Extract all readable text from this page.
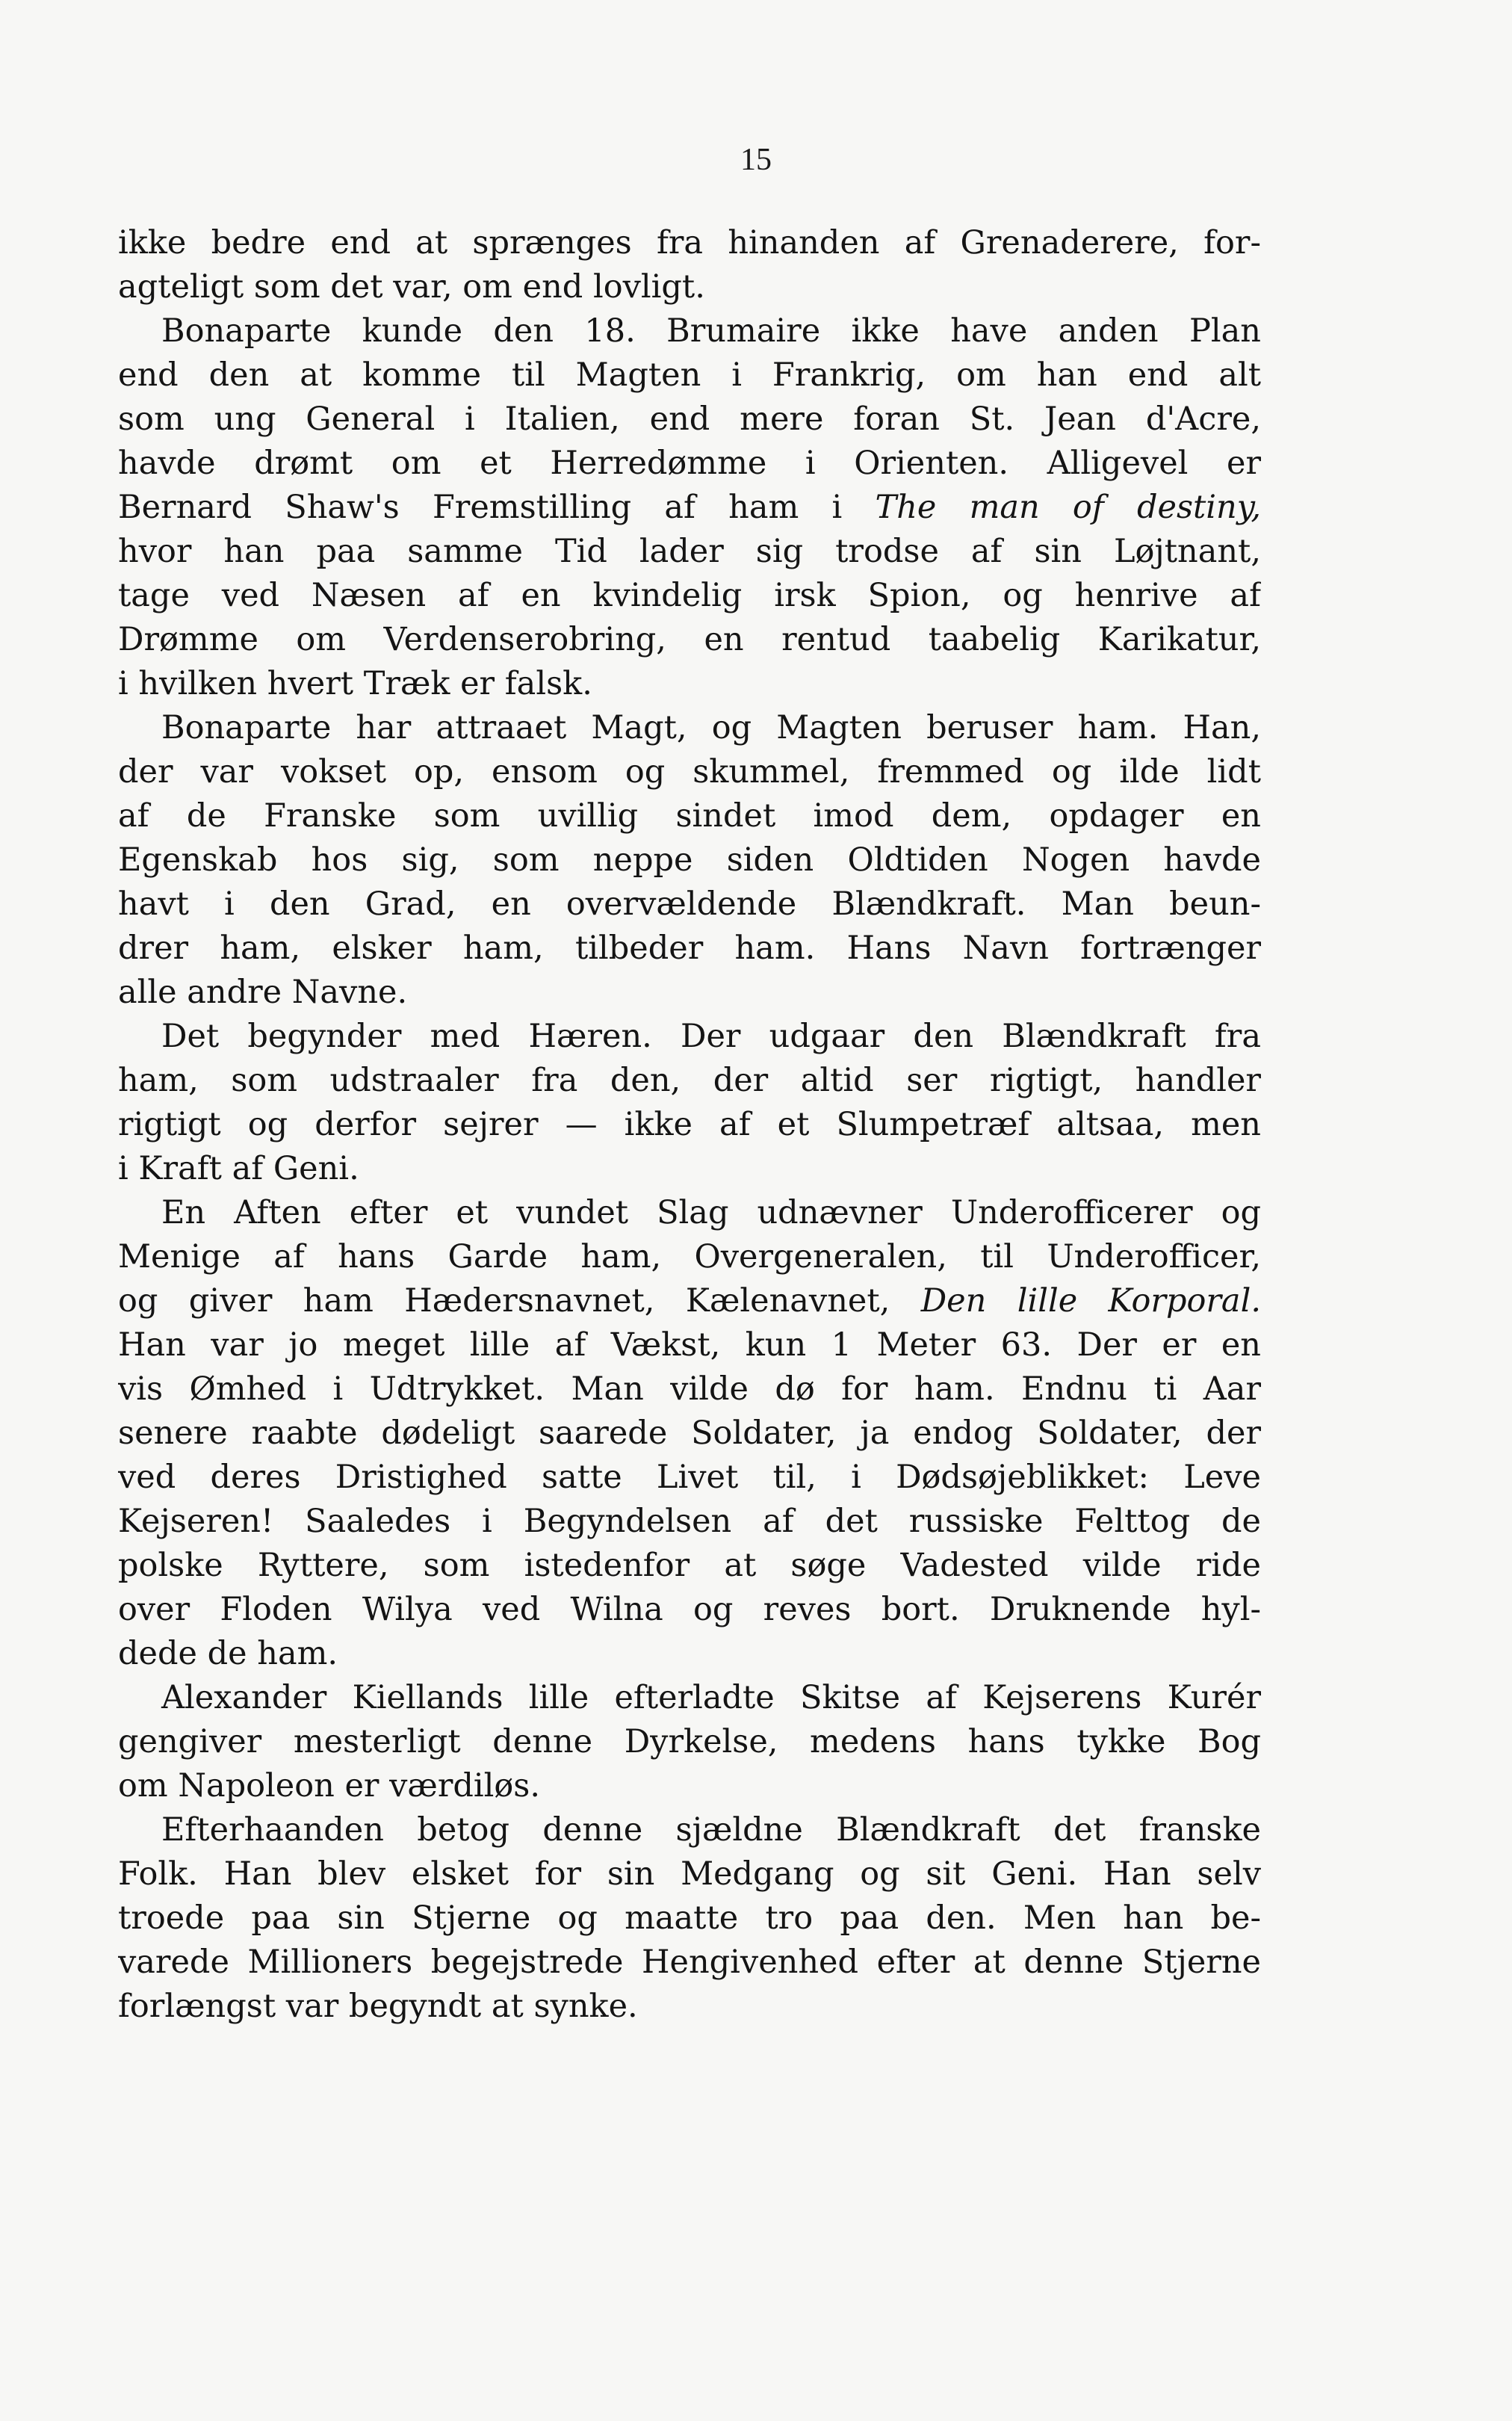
15
ikke bedre end at sprænges fra hinanden af Grenaderere, for-
agteligt som det var, om end lovligt.
Bonaparte kunde den 18. Brumaire ikke have anden Plan
end den at komme til Magten i Frankrig, om han end alt
som ung General i Italien, end mere foran St. Jean d'Acre,
havde drømt om et Herredømme i Orienten. Alligevel er
Bernard Shaw's Fremstilling af ham i The man of destiny,
hvor han paa samme Tid lader sig trodse af sin Løjtnant,
tage ved Næsen af en kvindelig irsk Spion, og henrive af
Drømme om Verdenserobring, en rentud taabelig Karikatur,
i hvilken hvert Træk er falsk.
Bonaparte har attraaet Magt, og Magten beruser ham. Han,
der var vokset op, ensom og skummel, fremmed og ilde lidt
af de Franske som uvillig sindet imod dem, opdager en
Egenskab hos sig, som neppe siden Oldtiden Nogen havde
havt i den Grad, en overvældende Blændkraft. Man beun-
drer ham, elsker ham, tilbeder ham. Hans Navn fortrænger
alle andre Navne.
Det begynder med Hæren. Der udgaar den Blændkraft fra
ham, som udstraaler fra den, der altid ser rigtigt, handler
rigtigt og derfor sejrer — ikke af et Slumpetræf altsaa, men
i Kraft af Geni.
En Aften efter et vundet Slag udnævner Underofficerer og
Menige af hans Garde ham, Overgeneralen, til Underofficer,
og giver ham Hædersnavnet, Kælenavnet, Den lille Korporal.
Han var jo meget lille af Vækst, kun 1 Meter 63. Der er en
vis Ømhed i Udtrykket. Man vilde dø for ham. Endnu ti Aar
senere raabte dødeligt saarede Soldater, ja endog Soldater, der
ved deres Dristighed satte Livet til, i Dødsøjeblikket: Leve
Kejseren! Saaledes i Begyndelsen af det russiske Felttog de
polske Ryttere, som istedenfor at søge Vadested vilde ride
over Floden Wilya ved Wilna og reves bort. Druknende hyl-
dede de ham.
Alexander Kiellands lille efterladte Skitse af Kejserens Kurér
gengiver mesterligt denne Dyrkelse, medens hans tykke Bog
om Napoleon er værdiløs.
Efterhaanden betog denne sjældne Blændkraft det franske
Folk. Han blev elsket for sin Medgang og sit Geni. Han selv
troede paa sin Stjerne og maatte tro paa den. Men han be-
varede Millioners begejstrede Hengivenhed efter at denne Stjerne
forlængst var begyndt at synke.
